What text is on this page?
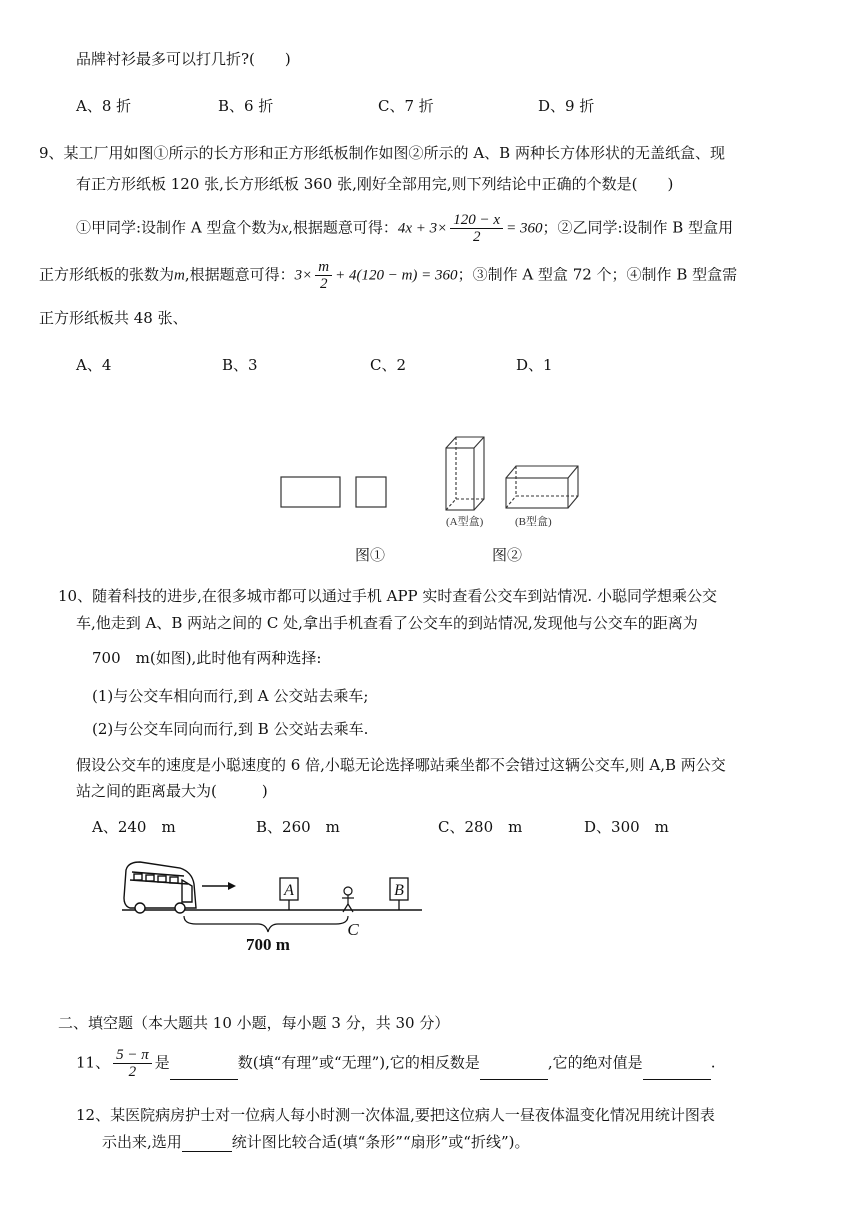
品牌衬衫最多可以打几折?(　　)
A、8 折	B、6 折	C、7 折	D、9 折
9、某工厂用如图①所示的长方形和正方形纸板制作如图②所示的 A、B 两种长方体形状的无盖纸盒、现
有正方形纸板 120 张,长方形纸板 360 张,刚好全部用完,则下列结论中正确的个数是(　　)
①甲同学:设制作 A 型盒个数为x,根据题意可得：$4x + 3\times \frac{120 - x}{2} = 360$；②乙同学:设制作 B 型盒用
正方形纸板的张数为m,根据题意可得：$3\times \frac{m}{2} + 4(120 - m) = 360$；③制作 A 型盒 72 个；④制作 B 型盒需
正方形纸板共 48 张、
A、4	B、3	C、2	D、1
(A型盒)	(B型盒)
图①	图②
10、随着科技的进步,在很多城市都可以通过手机 APP 实时查看公交车到站情况. 小聪同学想乘公交
车,他走到 A、B 两站之间的 C 处,拿出手机查看了公交车的到站情况,发现他与公交车的距离为
700　m(如图),此时他有两种选择:
(1)与公交车相向而行,到 A 公交站去乘车;
(2)与公交车同向而行,到 B 公交站去乘车.
假设公交车的速度是小聪速度的 6 倍,小聪无论选择哪站乘坐都不会错过这辆公交车,则 A,B 两公交
站之间的距离最大为(　　　)
A、240　m	B、260　m	C、280　m	D、300　m
A	B
700 m
C
二、填空题（本大题共 10 小题，每小题 3 分，共 30 分）
11、 $\frac{5 - \pi}{2}$ 是	数(填“有理”或“无理”),它的相反数是	,它的绝对值是	.
12、某医院病房护士对一位病人每小时测一次体温,要把这位病人一昼夜体温变化情况用统计图表
示出来,选用	统计图比较合适(填“条形”“扇形”或“折线”)。
